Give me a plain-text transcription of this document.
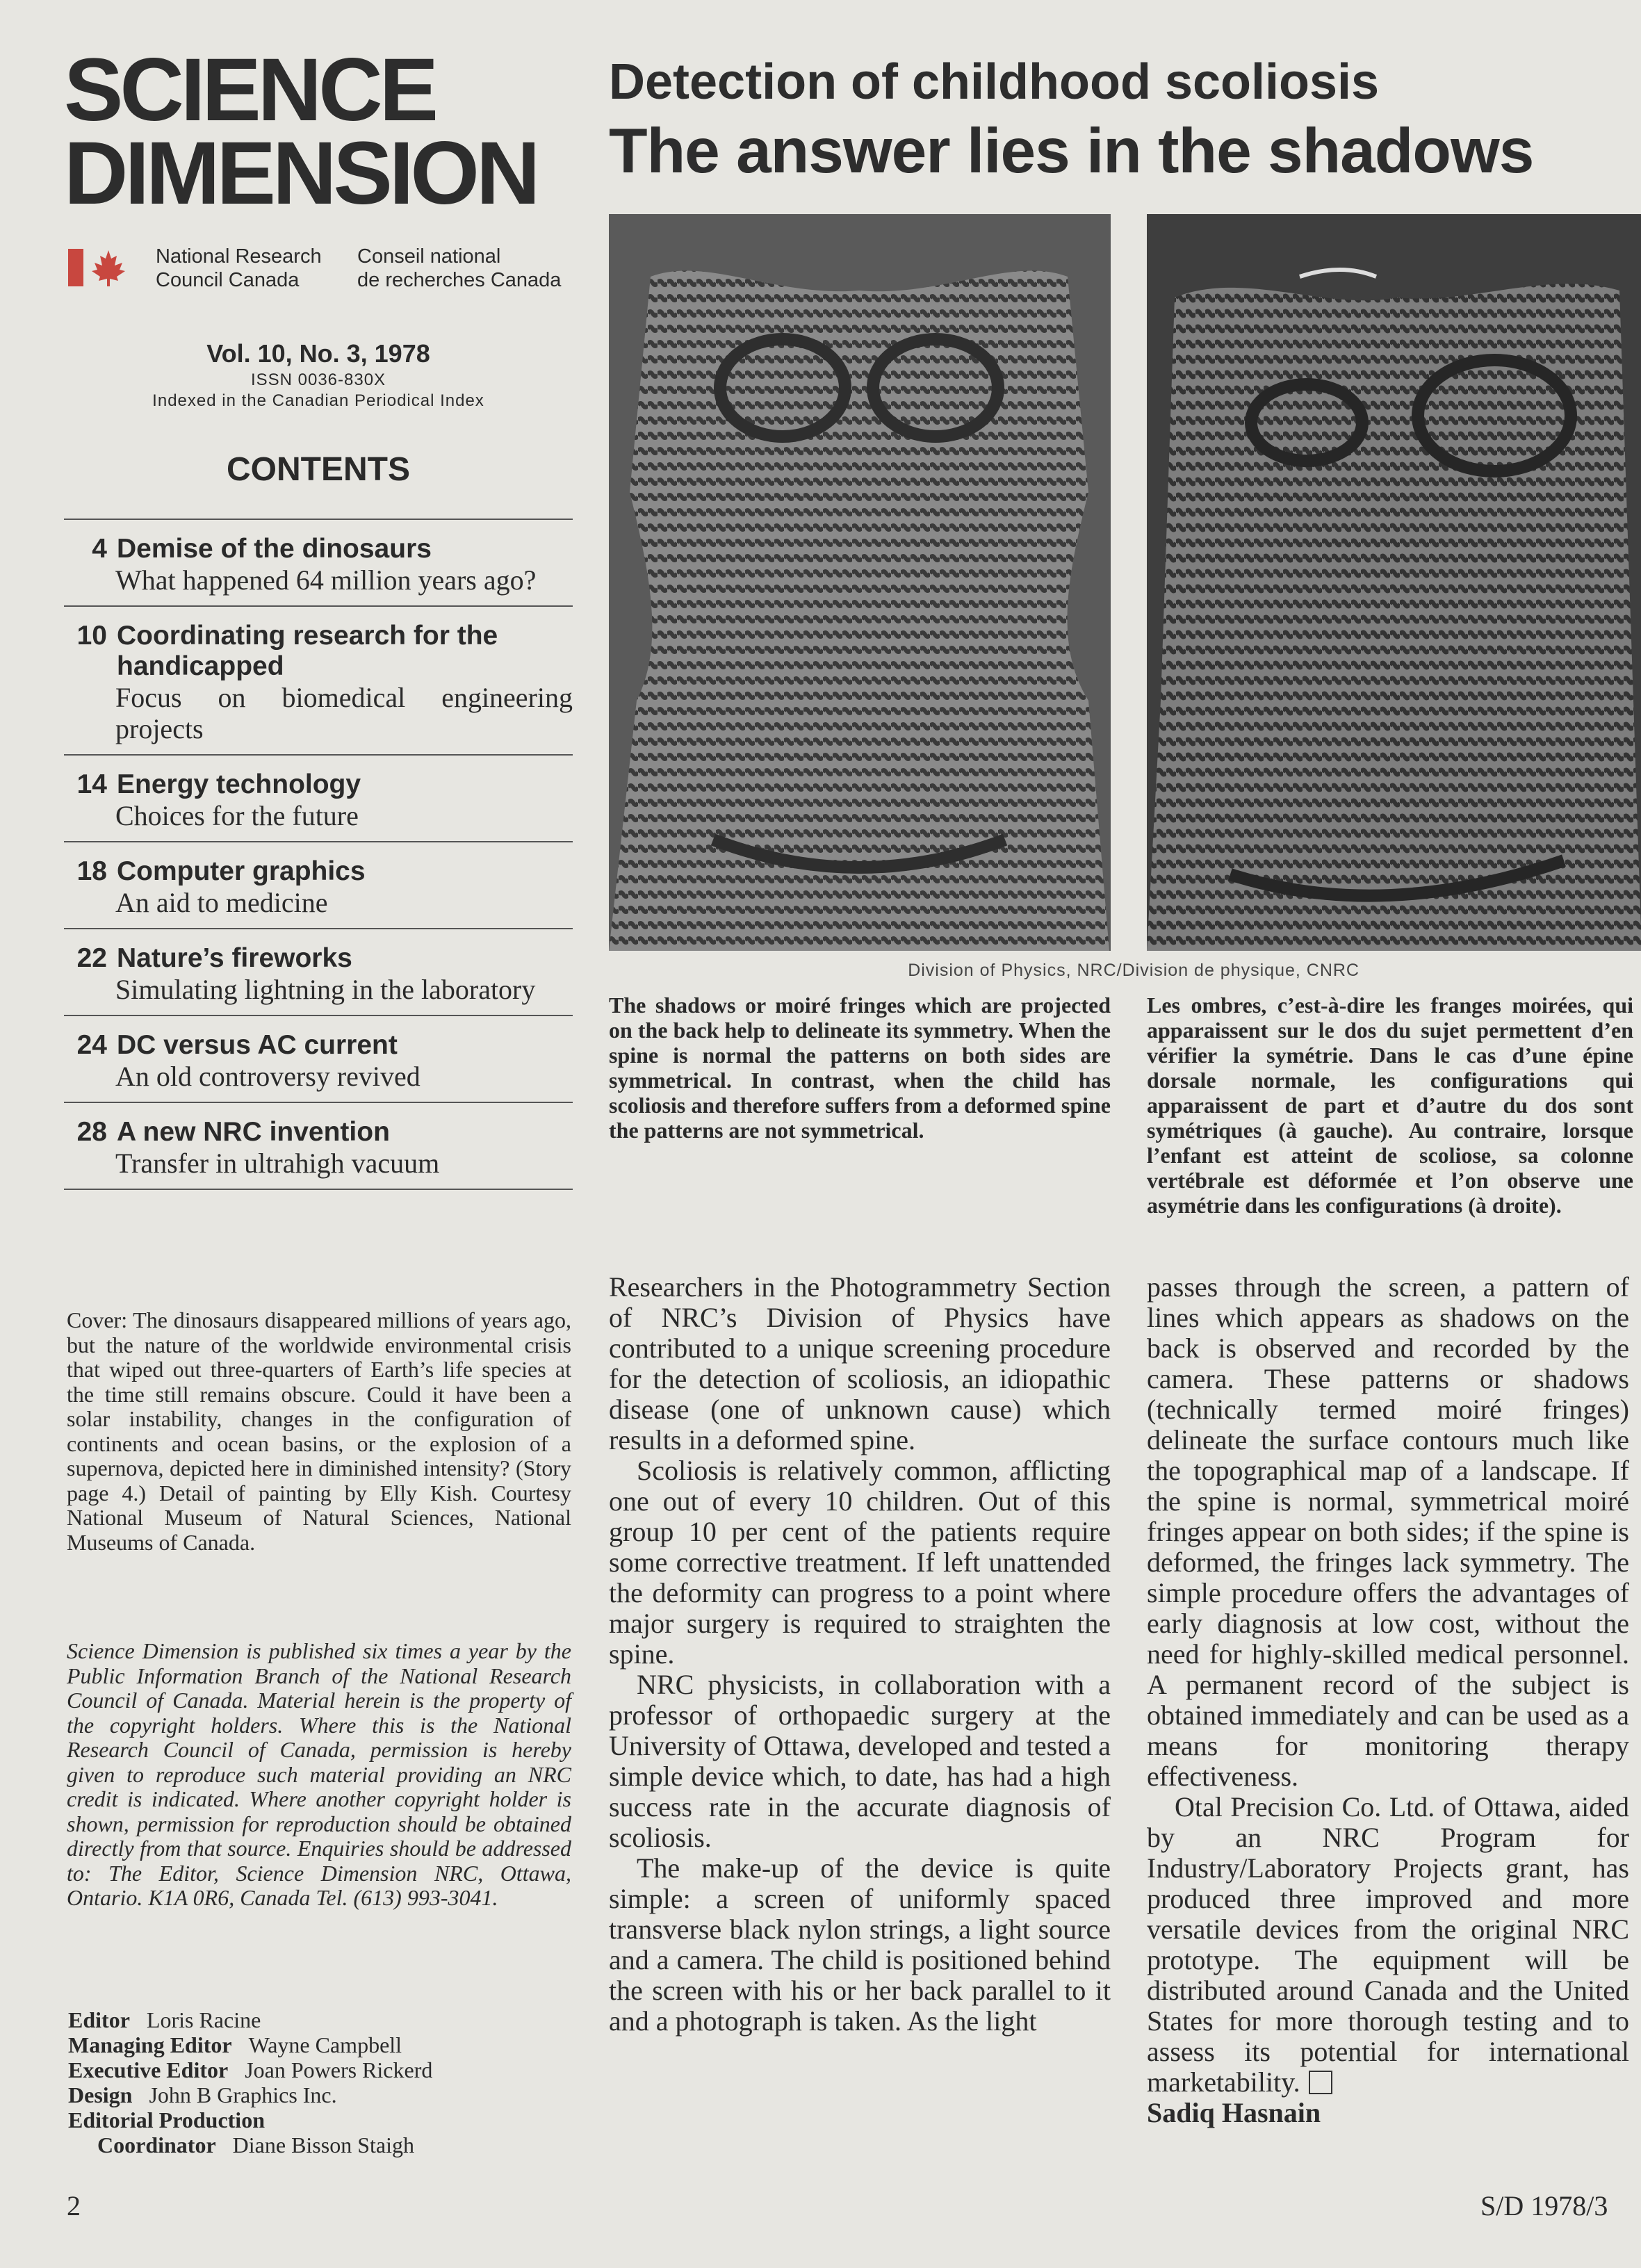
SCIENCE
DIMENSION
National Research
Council Canada
Conseil national
de recherches Canada
Vol. 10, No. 3, 1978
ISSN 0036-830X
Indexed in the Canadian Periodical Index
CONTENTS
4 Demise of the dinosaurs
What happened 64 million years ago?
10 Coordinating research for the handicapped
Focus on biomedical engineering projects
14 Energy technology
Choices for the future
18 Computer graphics
An aid to medicine
22 Nature’s fireworks
Simulating lightning in the laboratory
24 DC versus AC current
An old controversy revived
28 A new NRC invention
Transfer in ultrahigh vacuum
Cover: The dinosaurs disappeared millions of years ago, but the nature of the worldwide environmental crisis that wiped out three-quarters of Earth’s life species at the time still remains obscure. Could it have been a solar instability, changes in the configuration of continents and ocean basins, or the explosion of a supernova, depicted here in diminished intensity? (Story page 4.) Detail of painting by Elly Kish. Courtesy National Museum of Natural Sciences, National Museums of Canada.
Science Dimension is published six times a year by the Public Information Branch of the National Research Council of Canada. Material herein is the property of the copyright holders. Where this is the National Research Council of Canada, permission is hereby given to reproduce such material providing an NRC credit is indicated. Where another copyright holder is shown, permission for reproduction should be obtained directly from that source. Enquiries should be addressed to: The Editor, Science Dimension NRC, Ottawa, Ontario. K1A 0R6, Canada Tel. (613) 993-3041.
Editor Loris Racine
Managing Editor Wayne Campbell
Executive Editor Joan Powers Rickerd
Design John B Graphics Inc.
Editorial Production
Coordinator Diane Bisson Staigh
2	S/D 1978/3
Detection of childhood scoliosis
The answer lies in the shadows
Division of Physics, NRC/Division de physique, CNRC
The shadows or moiré fringes which are projected on the back help to delineate its symmetry. When the spine is normal the patterns on both sides are symmetrical. In contrast, when the child has scoliosis and therefore suffers from a deformed spine the patterns are not symmetrical.
Les ombres, c’est-à-dire les franges moirées, qui apparaissent sur le dos du sujet permettent d’en vérifier la symétrie. Dans le cas d’une épine dorsale normale, les configurations qui apparaissent de part et d’autre du dos sont symétriques (à gauche). Au contraire, lorsque l’enfant est atteint de scoliose, sa colonne vertébrale est déformée et l’on observe une asymétrie dans les configurations (à droite).

Researchers in the Photogrammetry Section of NRC’s Division of Physics have contributed to a unique screening procedure for the detection of scoliosis, an idiopathic disease (one of unknown cause) which results in a deformed spine.

Scoliosis is relatively common, afflicting one out of every 10 children. Out of this group 10 per cent of the patients require some corrective treatment. If left unattended the deformity can progress to a point where major surgery is required to straighten the spine.

NRC physicists, in collaboration with a professor of orthopaedic surgery at the University of Ottawa, developed and tested a simple device which, to date, has had a high success rate in the accurate diagnosis of scoliosis.

The make-up of the device is quite simple: a screen of uniformly spaced transverse black nylon strings, a light source and a camera. The child is positioned behind the screen with his or her back parallel to it and a photograph is taken. As the light

passes through the screen, a pattern of lines which appears as shadows on the back is observed and recorded by the camera. These patterns or shadows (technically termed moiré fringes) delineate the surface contours much like the topographical map of a landscape. If the spine is normal, symmetrical moiré fringes appear on both sides; if the spine is deformed, the fringes lack symmetry. The simple procedure offers the advantages of early diagnosis at low cost, without the need for highly-skilled medical personnel. A permanent record of the subject is obtained immediately and can be used as a means for monitoring therapy effectiveness.

Otal Precision Co. Ltd. of Ottawa, aided by an NRC Program for Industry/Laboratory Projects grant, has produced three improved and more versatile devices from the original NRC prototype. The equipment will be distributed around Canada and the United States for more thorough testing and to assess its potential for international marketability.

Sadiq Hasnain
